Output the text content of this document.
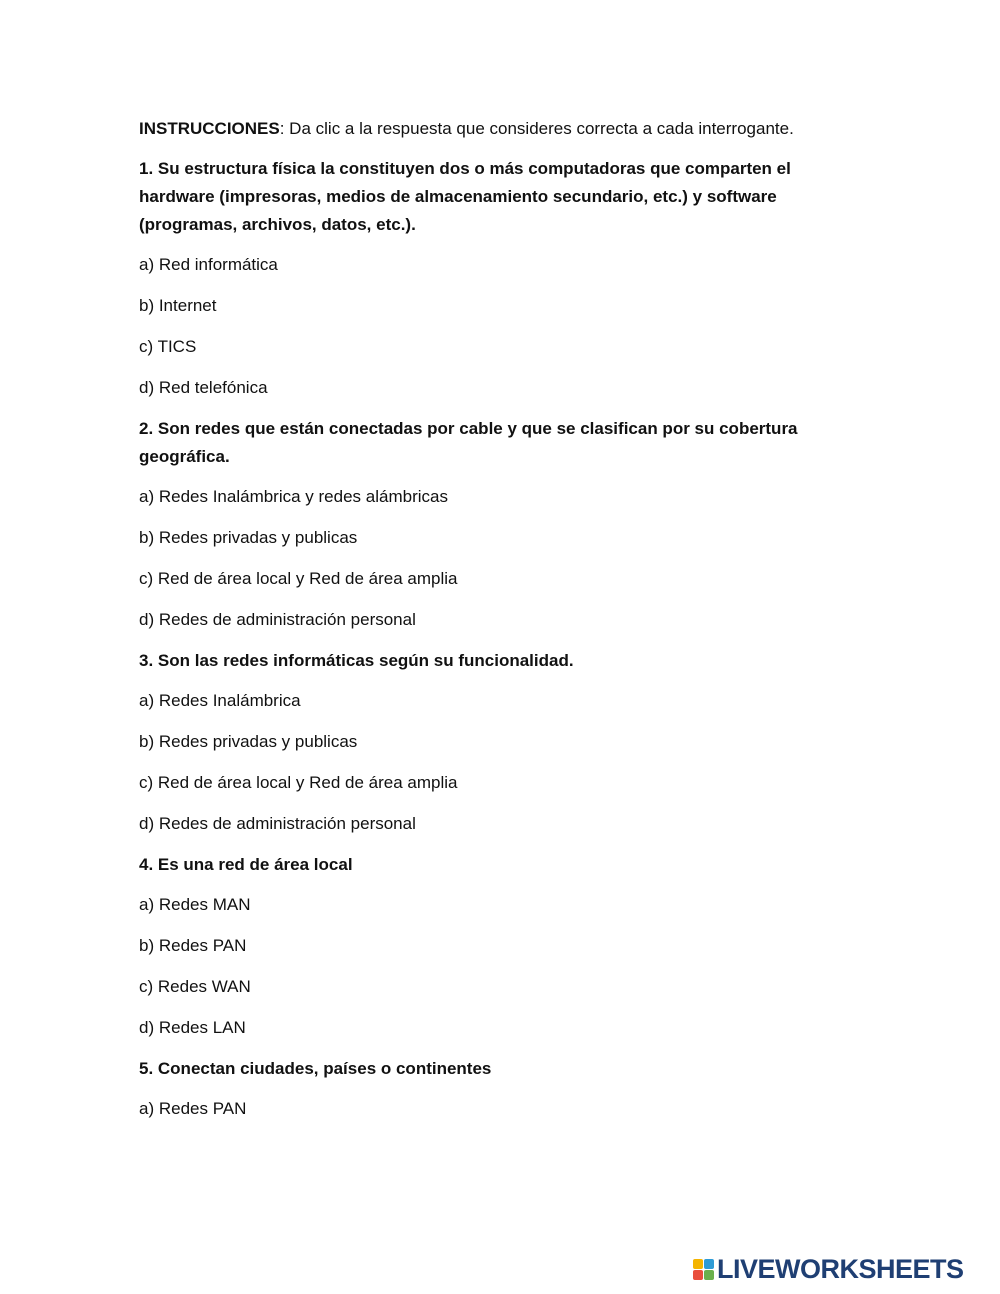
INSTRUCCIONES: Da clic a la respuesta que consideres correcta a cada interrogante.

1. Su estructura física la constituyen dos o más computadoras que comparten el hardware (impresoras, medios de almacenamiento secundario, etc.) y software (programas, archivos, datos, etc.).

a) Red informática

b) Internet

c) TICS

d) Red telefónica

2. Son redes que están conectadas por cable y que se clasifican por su cobertura geográfica.

a) Redes Inalámbrica y redes alámbricas

b) Redes privadas y publicas

c) Red de área local y Red de área amplia

d) Redes de administración personal

3. Son las redes informáticas según su funcionalidad.

a) Redes Inalámbrica

b) Redes privadas y publicas

c) Red de área local y Red de área amplia

d) Redes de administración personal

4. Es una red de área local

a) Redes MAN

b) Redes PAN

c) Redes WAN

d) Redes LAN

5. Conectan ciudades, países o continentes

a) Redes PAN

LIVEWORKSHEETS
